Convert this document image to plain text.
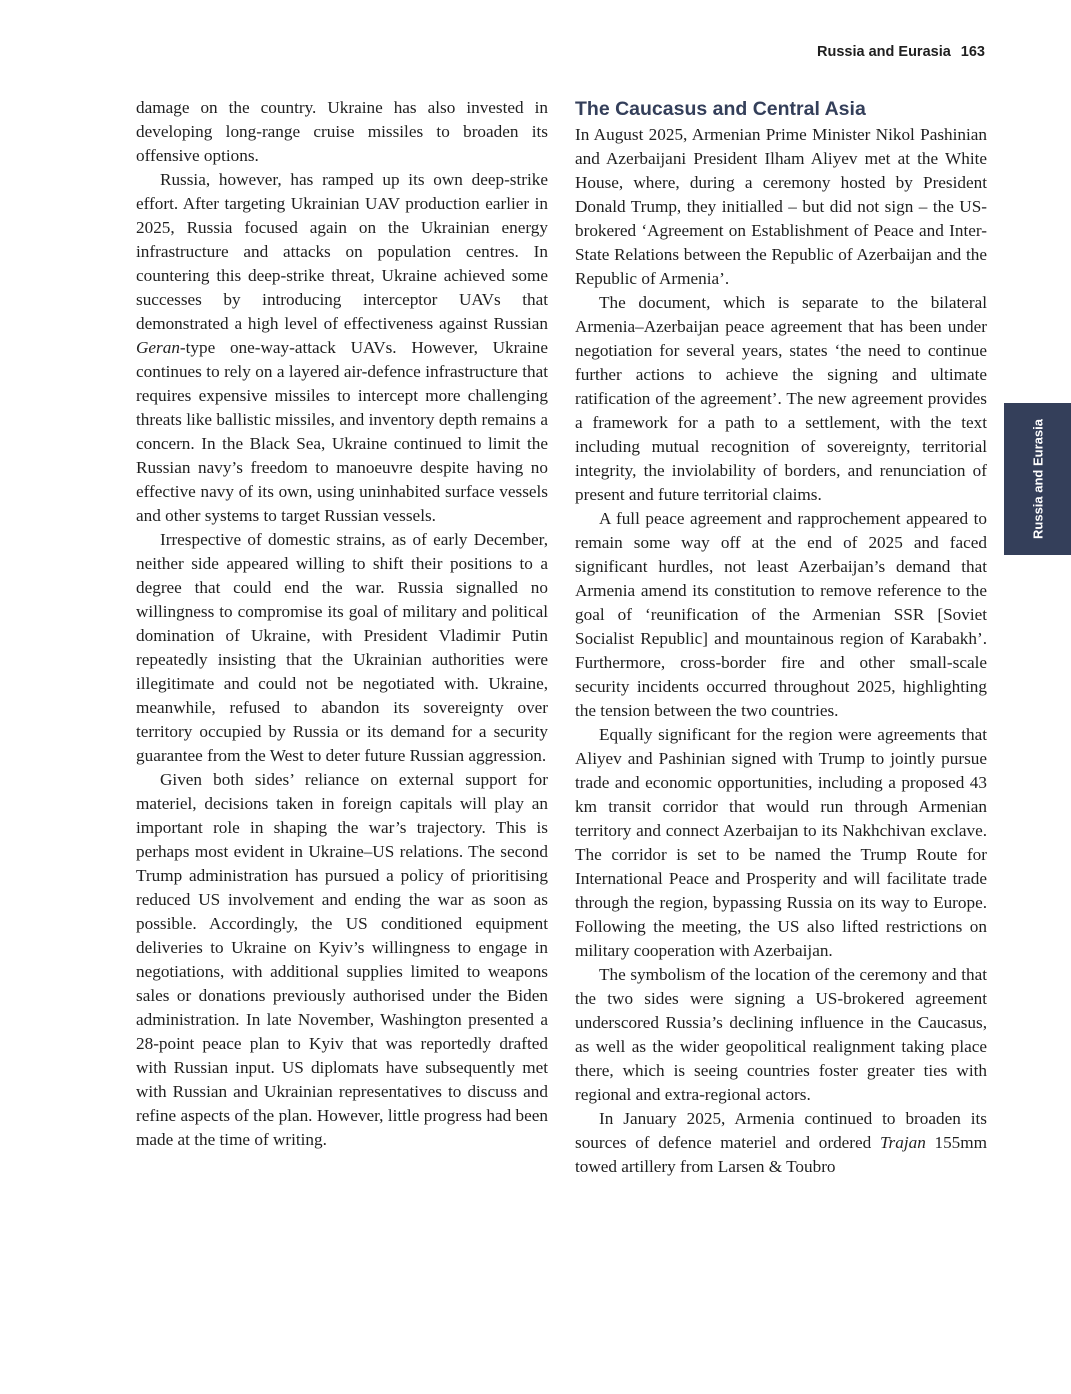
Russia and Eurasia 163
Russia and Eurasia

damage on the country. Ukraine has also invested in developing long-range cruise missiles to broaden its offensive options.

Russia, however, has ramped up its own deep-strike effort. After targeting Ukrainian UAV production earlier in 2025, Russia focused again on the Ukrainian energy infrastructure and attacks on population centres. In countering this deep-strike threat, Ukraine achieved some successes by introducing interceptor UAVs that demonstrated a high level of effectiveness against Russian Geran-type one-way-attack UAVs. However, Ukraine continues to rely on a layered air-defence infrastructure that requires expensive missiles to intercept more challenging threats like ballistic missiles, and inventory depth remains a concern. In the Black Sea, Ukraine continued to limit the Russian navy’s freedom to manoeuvre despite having no effective navy of its own, using uninhabited surface vessels and other systems to target Russian vessels.

Irrespective of domestic strains, as of early December, neither side appeared willing to shift their positions to a degree that could end the war. Russia signalled no willingness to compromise its goal of military and political domination of Ukraine, with President Vladimir Putin repeatedly insisting that the Ukrainian authorities were illegitimate and could not be negotiated with. Ukraine, meanwhile, refused to abandon its sovereignty over territory occupied by Russia or its demand for a security guarantee from the West to deter future Russian aggression.

Given both sides’ reliance on external support for materiel, decisions taken in foreign capitals will play an important role in shaping the war’s trajectory. This is perhaps most evident in Ukraine–US relations. The second Trump administration has pursued a policy of prioritising reduced US involvement and ending the war as soon as possible. Accordingly, the US conditioned equipment deliveries to Ukraine on Kyiv’s willingness to engage in negotiations, with additional supplies limited to weapons sales or donations previously authorised under the Biden administration. In late November, Washington presented a 28-point peace plan to Kyiv that was reportedly drafted with Russian input. US diplomats have subsequently met with Russian and Ukrainian representatives to discuss and refine aspects of the plan. However, little progress had been made at the time of writing.

The Caucasus and Central Asia

In August 2025, Armenian Prime Minister Nikol Pashinian and Azerbaijani President Ilham Aliyev met at the White House, where, during a ceremony hosted by President Donald Trump, they initialled – but did not sign – the US-brokered ‘Agreement on Establishment of Peace and Inter-State Relations between the Republic of Azerbaijan and the Republic of Armenia’.

The document, which is separate to the bilateral Armenia–Azerbaijan peace agreement that has been under negotiation for several years, states ‘the need to continue further actions to achieve the signing and ultimate ratification of the agreement’. The new agreement provides a framework for a path to a settlement, with the text including mutual recognition of sovereignty, territorial integrity, the inviolability of borders, and renunciation of present and future territorial claims.

A full peace agreement and rapprochement appeared to remain some way off at the end of 2025 and faced significant hurdles, not least Azerbaijan’s demand that Armenia amend its constitution to remove reference to the goal of ‘reunification of the Armenian SSR [Soviet Socialist Republic] and mountainous region of Karabakh’. Furthermore, cross-border fire and other small-scale security incidents occurred throughout 2025, highlighting the tension between the two countries.

Equally significant for the region were agreements that Aliyev and Pashinian signed with Trump to jointly pursue trade and economic opportunities, including a proposed 43 km transit corridor that would run through Armenian territory and connect Azerbaijan to its Nakhchivan exclave. The corridor is set to be named the Trump Route for International Peace and Prosperity and will facilitate trade through the region, bypassing Russia on its way to Europe. Following the meeting, the US also lifted restrictions on military cooperation with Azerbaijan.

The symbolism of the location of the ceremony and that the two sides were signing a US-brokered agreement underscored Russia’s declining influence in the Caucasus, as well as the wider geopolitical realignment taking place there, which is seeing countries foster greater ties with regional and extra-regional actors.

In January 2025, Armenia continued to broaden its sources of defence materiel and ordered Trajan 155mm towed artillery from Larsen & Toubro
